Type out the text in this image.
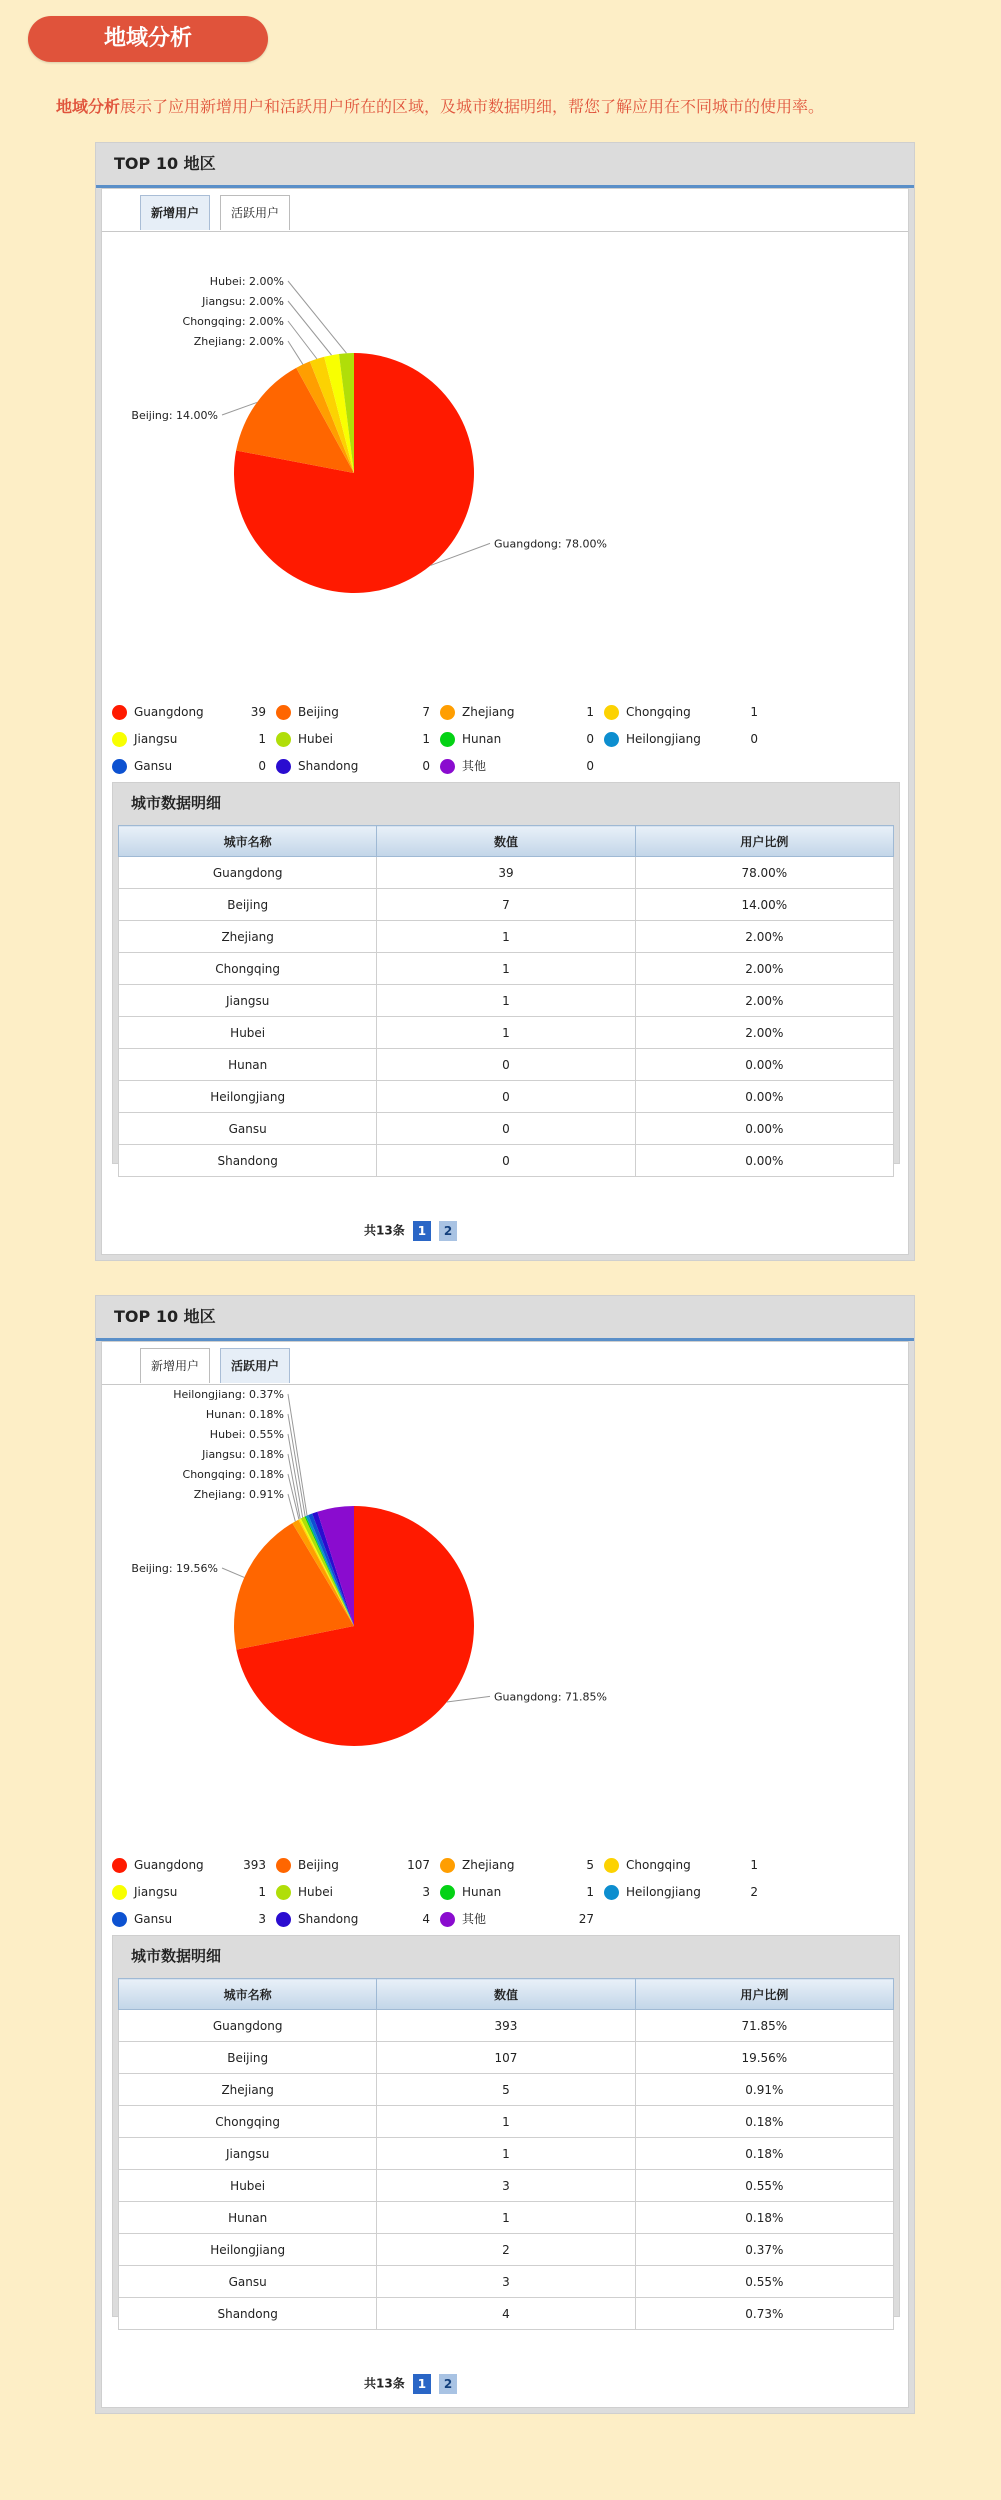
地域分析
地域分析展示了应用新增用户和活跃用户所在的区域，及城市数据明细，帮您了解应用在不同城市的使用率。
TOP 10 地区
新增用户	活跃用户
Guangdong: 78.00%
Beijing: 14.00%
Zhejiang: 2.00%
Chongqing: 2.00%
Jiangsu: 2.00%
Hubei: 2.00%
Guangdong	39	Beijing	7	Zhejiang	1	Chongqing	1
Jiangsu	1	Hubei	1	Hunan	0	Heilongjiang	0
Gansu	0	Shandong	0	其他	0
城市数据明细
城市名称	数值	用户比例
Guangdong	39	78.00%
Beijing	7	14.00%
Zhejiang	1	2.00%
Chongqing	1	2.00%
Jiangsu	1	2.00%
Hubei	1	2.00%
Hunan	0	0.00%
Heilongjiang	0	0.00%
Gansu	0	0.00%
Shandong	0	0.00%
共13条 1 2
TOP 10 地区
新增用户	活跃用户
Guangdong: 71.85%
Beijing: 19.56%
Zhejiang: 0.91%
Chongqing: 0.18%
Jiangsu: 0.18%
Hubei: 0.55%
Hunan: 0.18%
Heilongjiang: 0.37%
Guangdong	393	Beijing	107	Zhejiang	5	Chongqing	1
Jiangsu	1	Hubei	3	Hunan	1	Heilongjiang	2
Gansu	3	Shandong	4	其他	27
城市数据明细
城市名称	数值	用户比例
Guangdong	393	71.85%
Beijing	107	19.56%
Zhejiang	5	0.91%
Chongqing	1	0.18%
Jiangsu	1	0.18%
Hubei	3	0.55%
Hunan	1	0.18%
Heilongjiang	2	0.37%
Gansu	3	0.55%
Shandong	4	0.73%
共13条 1 2
